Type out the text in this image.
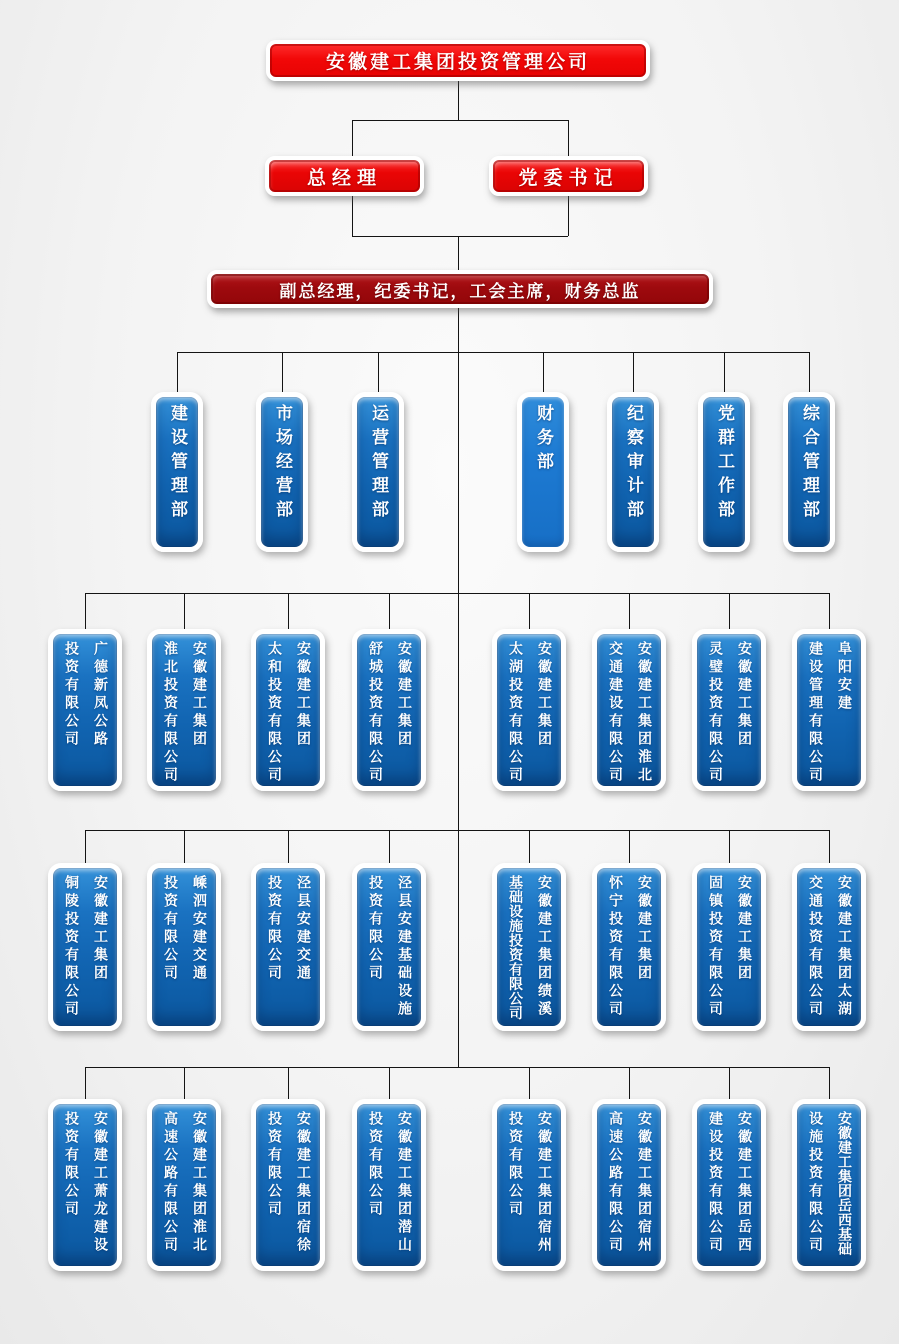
安徽建工集团投资管理公司
总经理	党委书记
副总经理，纪委书记，工会主席，财务总监
建设管理部	市场经营部	运营管理部	财务部	纪察审计部	党群工作部	综合管理部
广德新凤公路
投资有限公司	安徽建工集团
淮北投资有限公司	安徽建工集团
太和投资有限公司	安徽建工集团
舒城投资有限公司	安徽建工集团
太湖投资有限公司	安徽建工集团淮北
交通建设有限公司	安徽建工集团
灵璧投资有限公司	阜阳安建
建设管理有限公司
安徽建工集团
铜陵投资有限公司	嵊泗安建交通
投资有限公司	泾县安建交通
投资有限公司	泾县安建基础设施
投资有限公司	安徽建工集团绩溪
基础设施投资有限公司	安徽建工集团
怀宁投资有限公司	安徽建工集团
固镇投资有限公司	安徽建工集团太湖
交通投资有限公司
安徽建工萧龙建设
投资有限公司	安徽建工集团淮北
高速公路有限公司	安徽建工集团宿徐
投资有限公司	安徽建工集团潜山
投资有限公司	安徽建工集团宿州
投资有限公司	安徽建工集团宿州
高速公路有限公司	安徽建工集团岳西
建设投资有限公司	安徽建工集团岳西基础
设施投资有限公司
